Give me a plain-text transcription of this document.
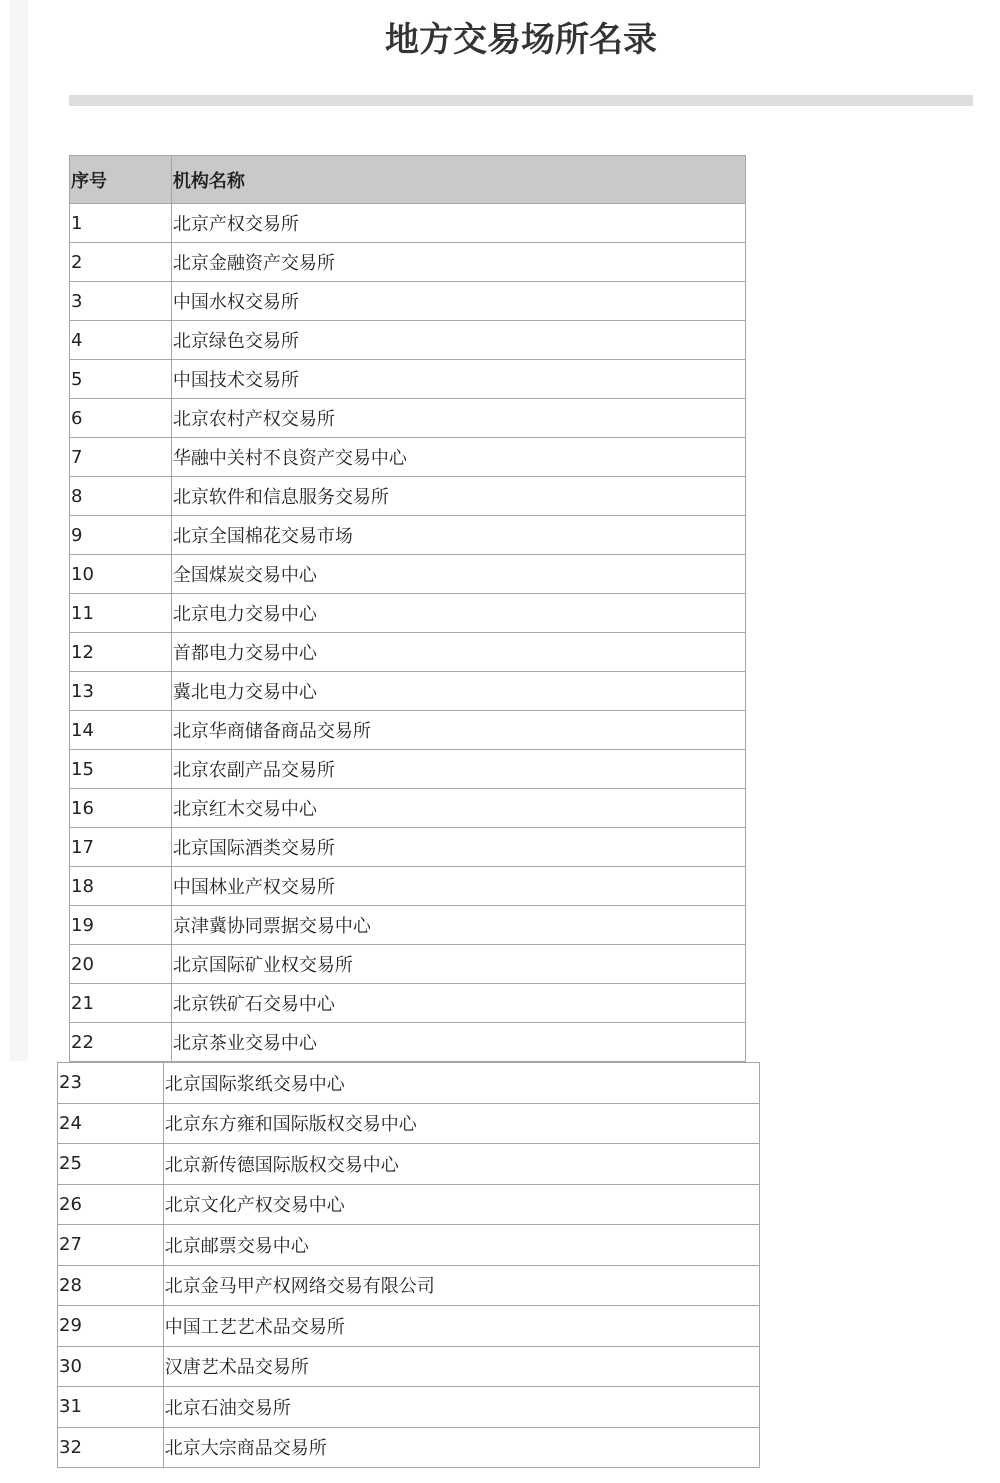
地方交易场所名录
序号	机构名称
1	北京产权交易所
2	北京金融资产交易所
3	中国水权交易所
4	北京绿色交易所
5	中国技术交易所
6	北京农村产权交易所
7	华融中关村不良资产交易中心
8	北京软件和信息服务交易所
9	北京全国棉花交易市场
10	全国煤炭交易中心
11	北京电力交易中心
12	首都电力交易中心
13	冀北电力交易中心
14	北京华商储备商品交易所
15	北京农副产品交易所
16	北京红木交易中心
17	北京国际酒类交易所
18	中国林业产权交易所
19	京津冀协同票据交易中心
20	北京国际矿业权交易所
21	北京铁矿石交易中心
22	北京茶业交易中心
23	北京国际浆纸交易中心
24	北京东方雍和国际版权交易中心
25	北京新传德国际版权交易中心
26	北京文化产权交易中心
27	北京邮票交易中心
28	北京金马甲产权网络交易有限公司
29	中国工艺艺术品交易所
30	汉唐艺术品交易所
31	北京石油交易所
32	北京大宗商品交易所
